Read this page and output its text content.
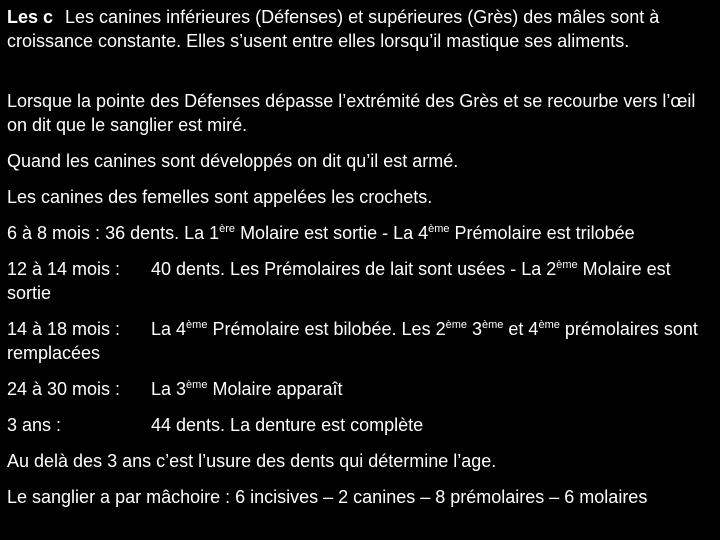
Les c Les canines inférieures (Défenses) et supérieures (Grès) des mâles sont à croissance constante. Elles s’usent entre elles lorsqu’il mastique ses aliments.

Lorsque la pointe des Défenses dépasse l’extrémité des Grès et se recourbe vers l’œil on dit que le sanglier est miré.

Quand les canines sont développés on dit qu’il est armé.

Les canines des femelles sont appelées les crochets.

6 à 8 mois : 36 dents. La 1ère Molaire est sortie - La 4ème Prémolaire est trilobée

12 à 14 mois : 40 dents. Les Prémolaires de lait sont usées - La 2ème Molaire est sortie

14 à 18 mois : La 4ème Prémolaire est bilobée. Les 2ème 3ème et 4ème prémolaires sont remplacées

24 à 30 mois : La 3ème Molaire apparaît

3 ans :	44 dents. La denture est complète

Au delà des 3 ans c’est l’usure des dents qui détermine l’age.

Le sanglier a par mâchoire : 6 incisives – 2 canines – 8 prémolaires – 6 molaires
